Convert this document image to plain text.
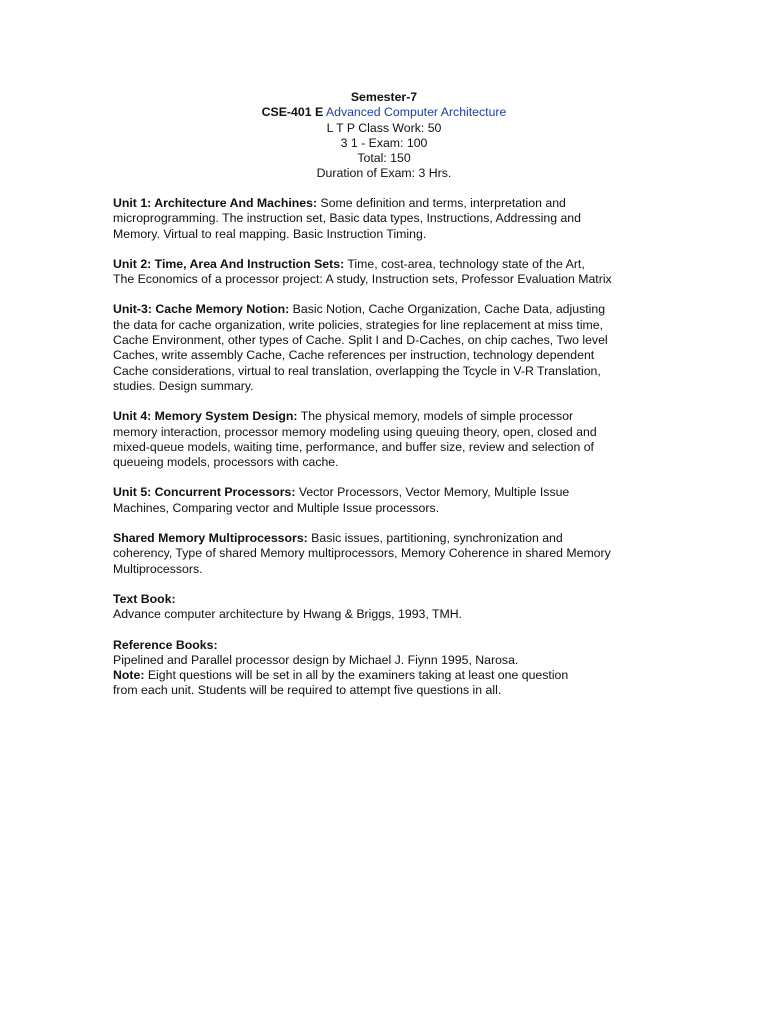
Semester-7
CSE-401 E Advanced Computer Architecture
L T P Class Work: 50
3 1 - Exam: 100
Total: 150
Duration of Exam: 3 Hrs.

Unit 1: Architecture And Machines: Some definition and terms, interpretation and
microprogramming. The instruction set, Basic data types, Instructions, Addressing and
Memory. Virtual to real mapping. Basic Instruction Timing.

Unit 2: Time, Area And Instruction Sets: Time, cost-area, technology state of the Art,
The Economics of a processor project: A study, Instruction sets, Professor Evaluation Matrix

Unit-3: Cache Memory Notion: Basic Notion, Cache Organization, Cache Data, adjusting
the data for cache organization, write policies, strategies for line replacement at miss time,
Cache Environment, other types of Cache. Split I and D-Caches, on chip caches, Two level
Caches, write assembly Cache, Cache references per instruction, technology dependent
Cache considerations, virtual to real translation, overlapping the Tcycle in V-R Translation,
studies. Design summary.

Unit 4: Memory System Design: The physical memory, models of simple processor
memory interaction, processor memory modeling using queuing theory, open, closed and
mixed-queue models, waiting time, performance, and buffer size, review and selection of
queueing models, processors with cache.

Unit 5: Concurrent Processors: Vector Processors, Vector Memory, Multiple Issue
Machines, Comparing vector and Multiple Issue processors.

Shared Memory Multiprocessors: Basic issues, partitioning, synchronization and
coherency, Type of shared Memory multiprocessors, Memory Coherence in shared Memory
Multiprocessors.

Text Book:
Advance computer architecture by Hwang & Briggs, 1993, TMH.

Reference Books:
Pipelined and Parallel processor design by Michael J. Fiynn 1995, Narosa.
Note: Eight questions will be set in all by the examiners taking at least one question
from each unit. Students will be required to attempt five questions in all.
